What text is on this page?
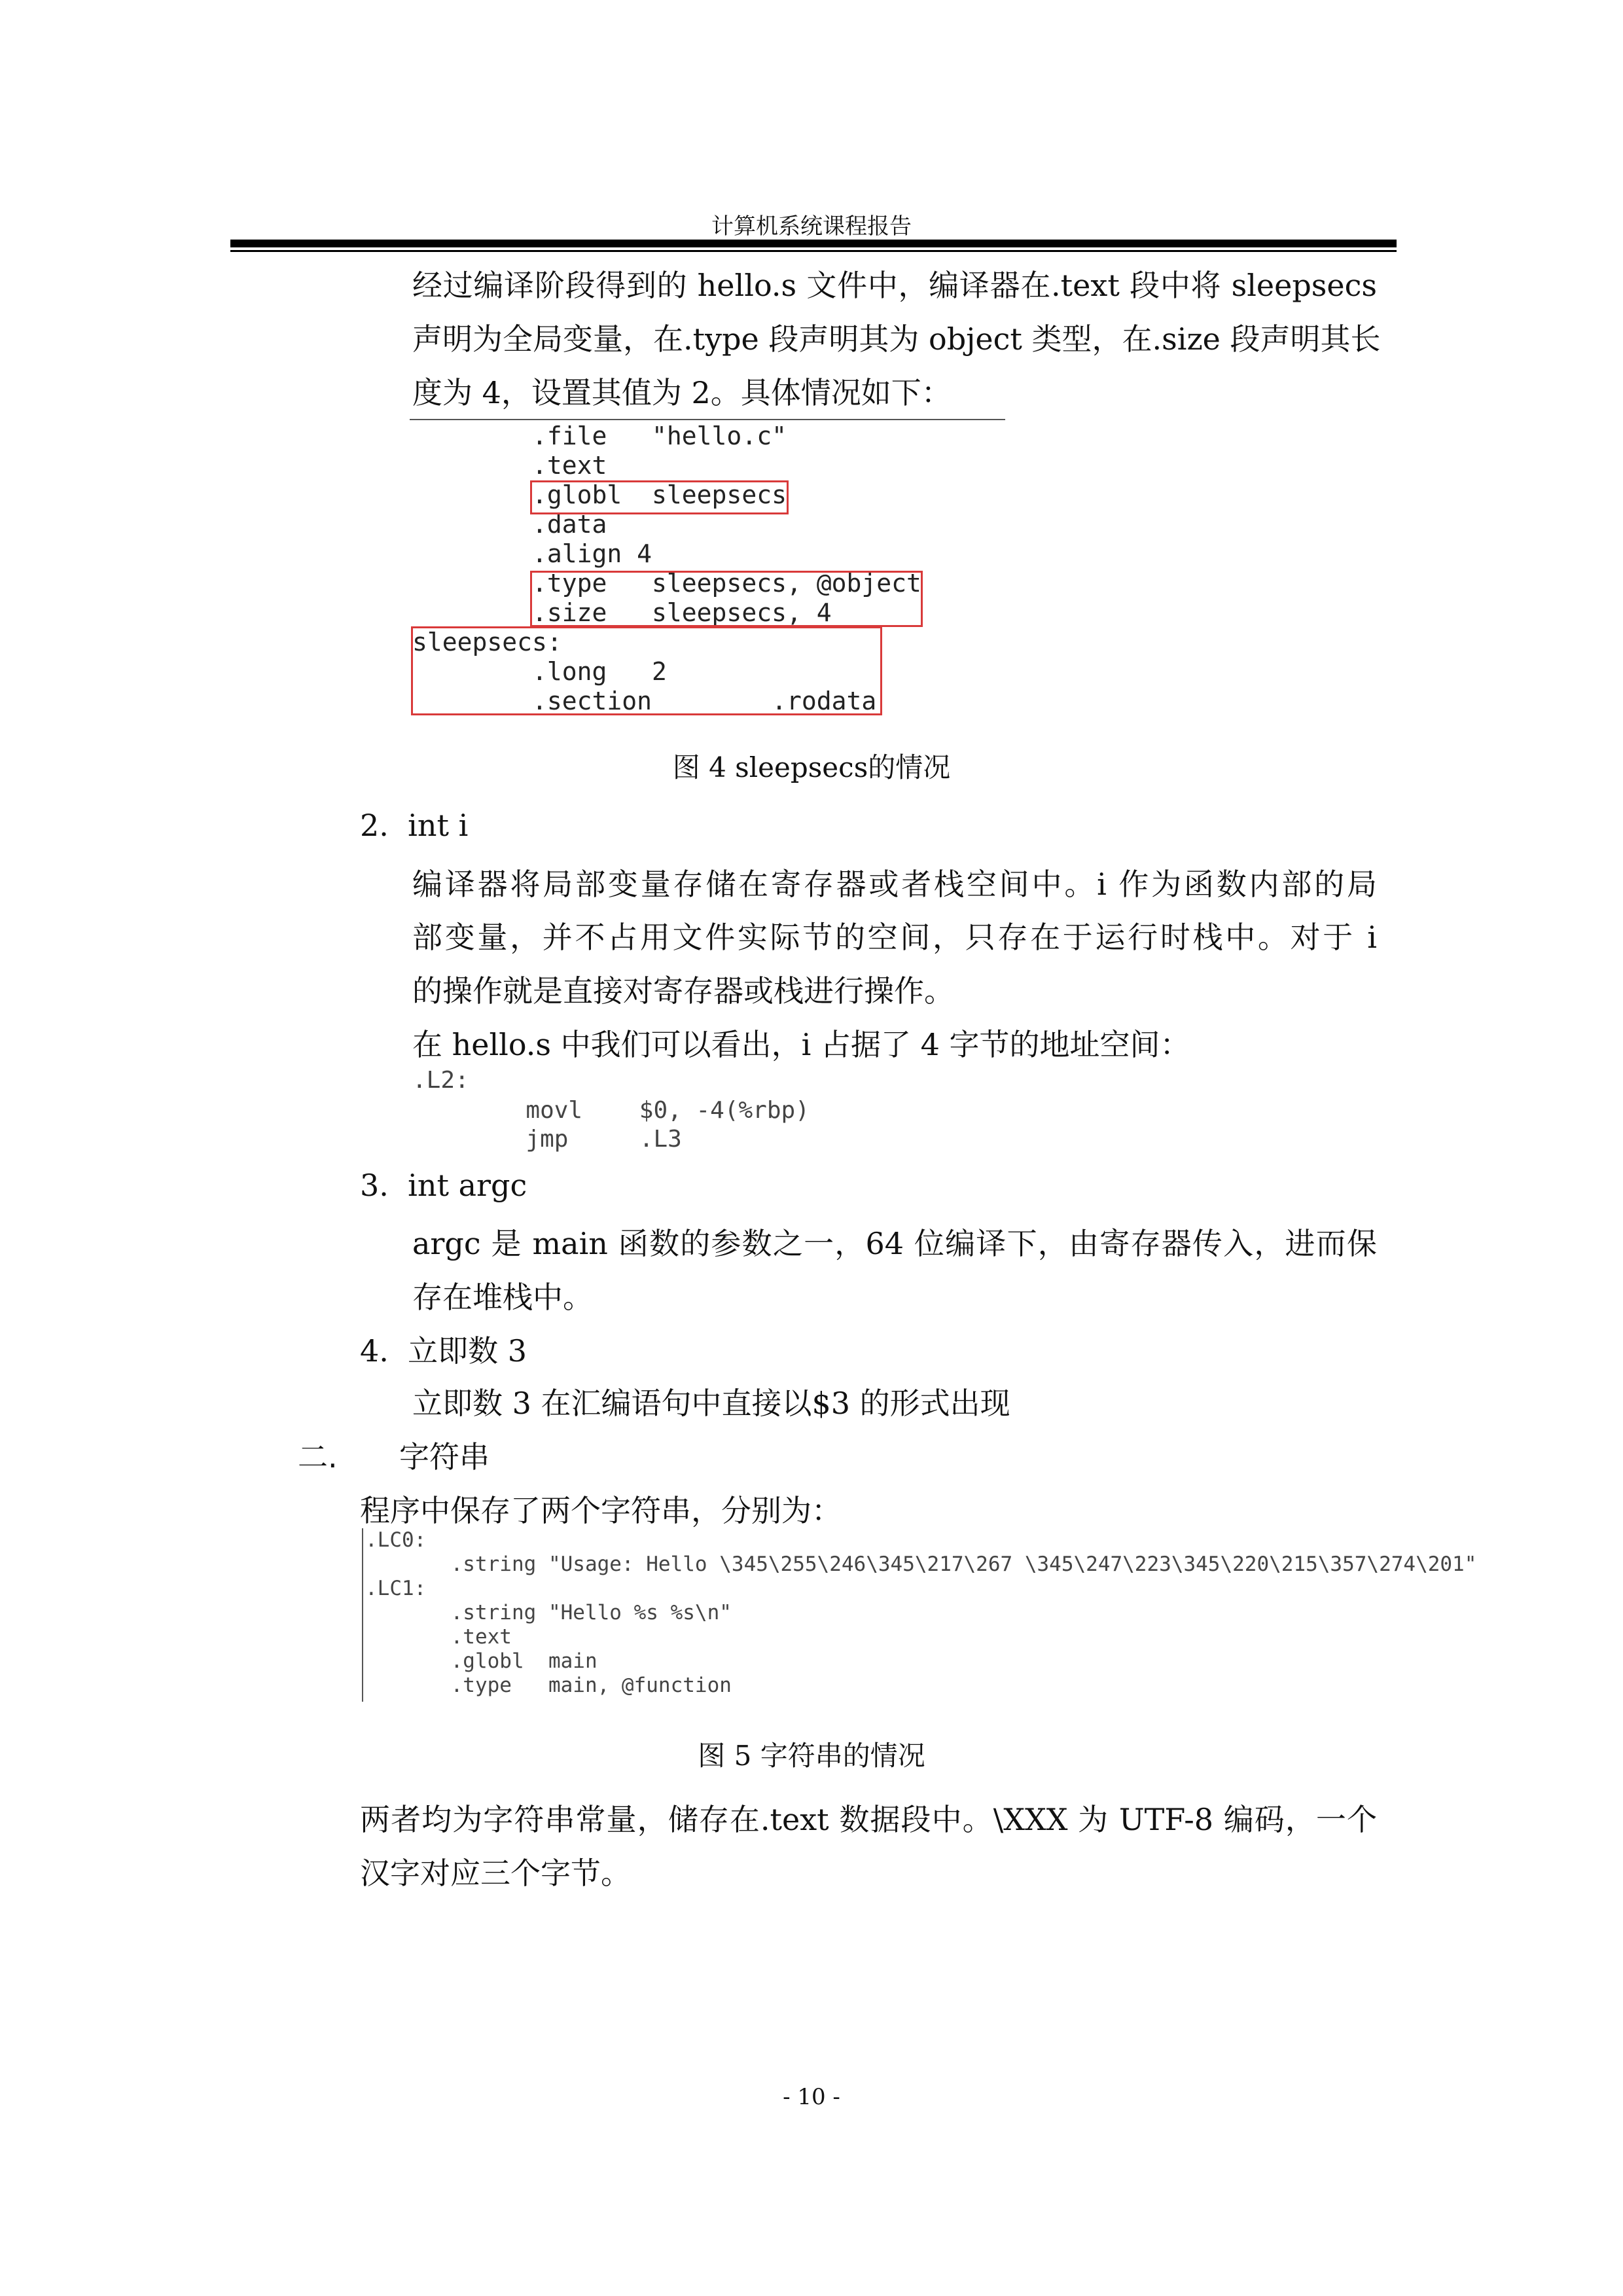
计算机系统课程报告
经过编译阶段得到的 hello.s 文件中，编译器在.text 段中将 sleepsecs
声明为全局变量，在.type 段声明其为 object 类型，在.size 段声明其长
度为 4，设置其值为 2。具体情况如下：
.file   "hello.c"
.text
.globl  sleepsecs
.data
.align 4
.type   sleepsecs, @object
.size   sleepsecs, 4
sleepsecs:
.long   2
.section        .rodata
图 4 sleepsecs的情况
2.  int i
编译器将局部变量存储在寄存器或者栈空间中。i 作为函数内部的局
部变量，并不占用文件实际节的空间，只存在于运行时栈中。对于 i
的操作就是直接对寄存器或栈进行操作。
在 hello.s 中我们可以看出，i 占据了 4 字节的地址空间：
.L2:
movl    $0, -4(%rbp)
jmp     .L3
3.  int argc
argc 是 main 函数的参数之一，64 位编译下，由寄存器传入，进而保
存在堆栈中。
4.  立即数 3
立即数 3 在汇编语句中直接以$3 的形式出现
二. 字符串
程序中保存了两个字符串，分别为：
.LC0:
.string "Usage: Hello \345\255\246\345\217\267 \345\247\223\345\220\215\357\274\201"
.LC1:
.string "Hello %s %s\n"
.text
.globl  main
.type   main, @function
图 5 字符串的情况
两者均为字符串常量，储存在.text 数据段中。\XXX 为 UTF-8 编码，一个
汉字对应三个字节。
- 10 -
